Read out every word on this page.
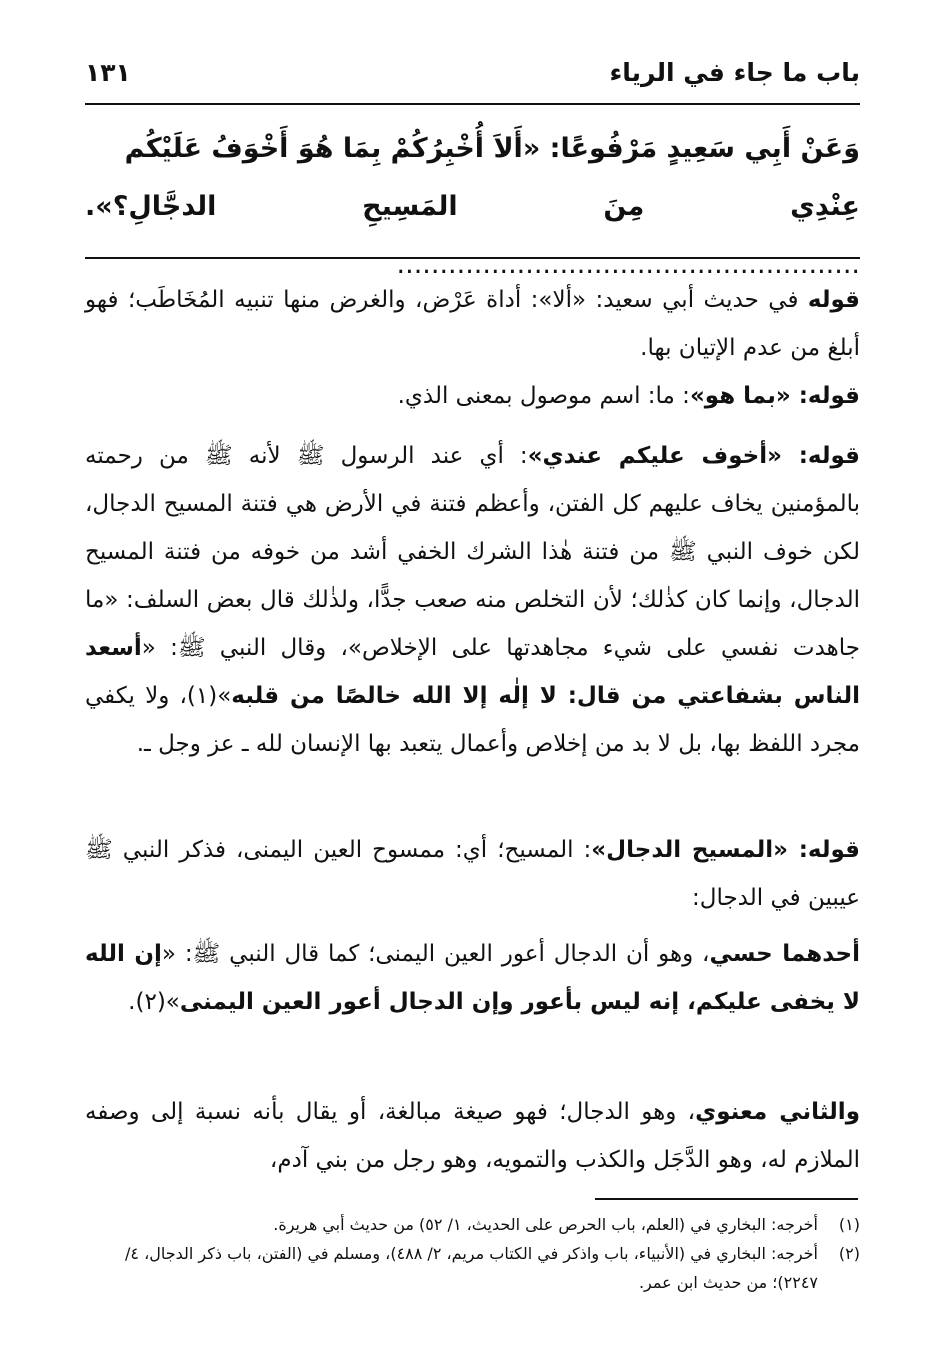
باب ما جاء في الرياء
١٣١
وَعَنْ أَبِي سَعِيدٍ مَرْفُوعًا: «أَلاَ أُخْبِرُكُمْ بِمَا هُوَ أَخْوَفُ عَلَيْكُم
عِنْدِي مِنَ المَسِيحِ الدجَّالِ؟». ......................................................

قوله في حديث أبي سعيد: «ألا»: أداة عَرْض، والغرض منها تنبيه المُخَاطَب؛ فهو أبلغ من عدم الإتيان بها.

قوله: «بما هو»: ما: اسم موصول بمعنى الذي.

قوله: «أخوف عليكم عندي»: أي عند الرسول ﷺ لأنه ﷺ من رحمته بالمؤمنين يخاف عليهم كل الفتن، وأعظم فتنة في الأرض هي فتنة المسيح الدجال، لكن خوف النبي ﷺ من فتنة هٰذا الشرك الخفي أشد من خوفه من فتنة المسيح الدجال، وإنما كان كذٰلك؛ لأن التخلص منه صعب جدًّا، ولذٰلك قال بعض السلف: «ما جاهدت نفسي على شيء مجاهدتها على الإخلاص»، وقال النبي ﷺ: «أسعد الناس بشفاعتي من قال: لا إلٰه إلا الله خالصًا من قلبه»(١)، ولا يكفي مجرد اللفظ بها، بل لا بد من إخلاص وأعمال يتعبد بها الإنسان لله ـ عز وجل ـ.

قوله: «المسيح الدجال»: المسيح؛ أي: ممسوح العين اليمنى، فذكر النبي ﷺ عيبين في الدجال:

أحدهما حسي، وهو أن الدجال أعور العين اليمنى؛ كما قال النبي ﷺ: «إن الله لا يخفى عليكم، إنه ليس بأعور وإن الدجال أعور العين اليمنى»(٢).

والثاني معنوي، وهو الدجال؛ فهو صيغة مبالغة، أو يقال بأنه نسبة إلى وصفه الملازم له، وهو الدَّجَل والكذب والتمويه، وهو رجل من بني آدم،

(١)
أخرجه: البخاري في (العلم، باب الحرص على الحديث، ١/ ٥٢) من حديث أبي هريرة.
(٢)
أخرجه: البخاري في (الأنبياء، باب واذكر في الكتاب مريم، ٢/ ٤٨٨)، ومسلم في (الفتن، باب ذكر الدجال، ٤/ ٢٢٤٧)؛ من حديث ابن عمر.
